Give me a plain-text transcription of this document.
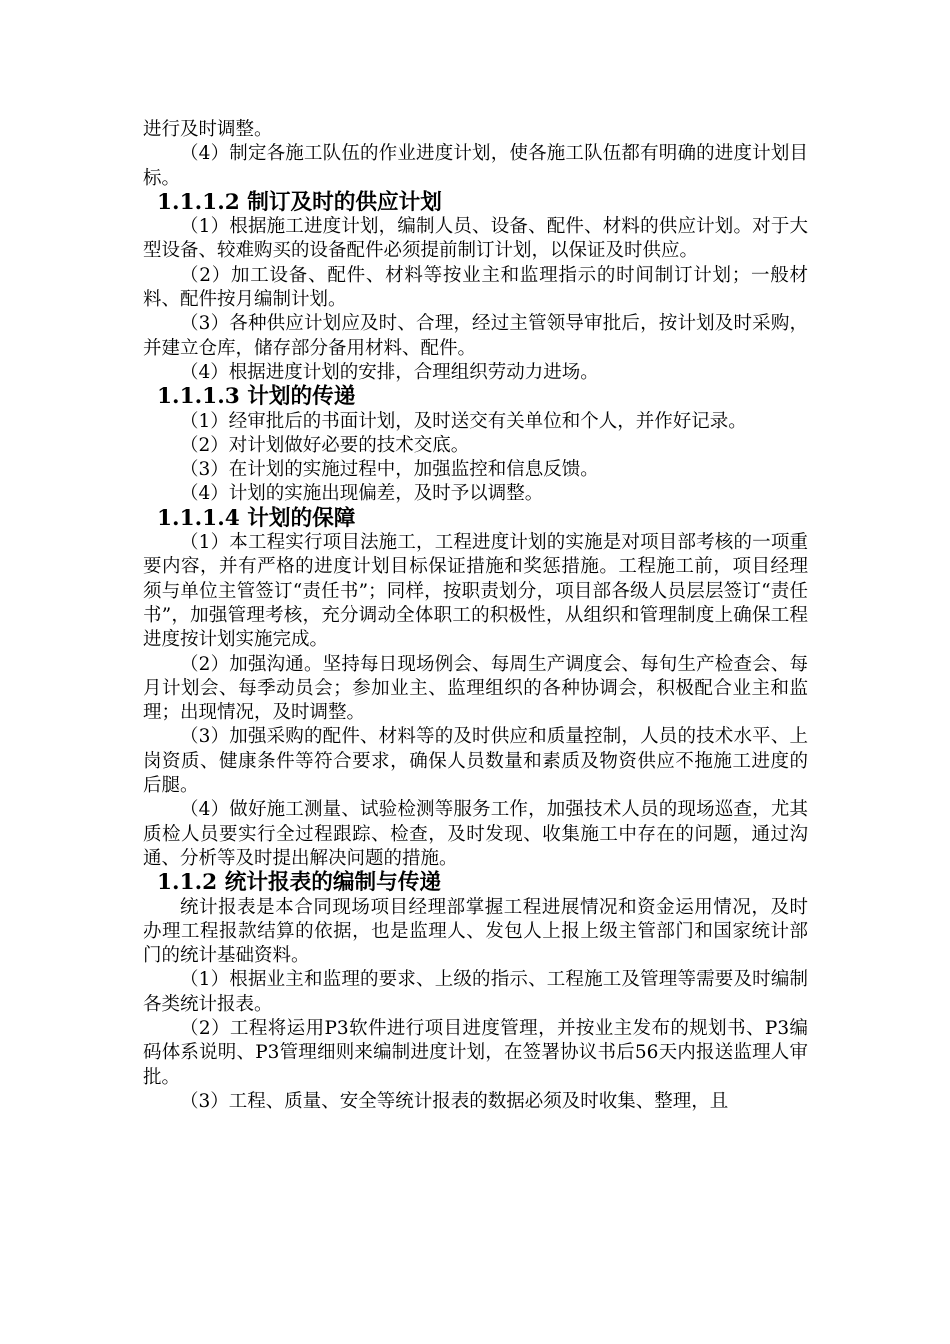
进行及时调整。

（4）制定各施工队伍的作业进度计划，使各施工队伍都有明确的进度计划目标。

1.1.1.2 制订及时的供应计划

（1）根据施工进度计划，编制人员、设备、配件、材料的供应计划。对于大型设备、较难购买的设备配件必须提前制订计划，以保证及时供应。

（2）加工设备、配件、材料等按业主和监理指示的时间制订计划；一般材料、配件按月编制计划。

（3）各种供应计划应及时、合理，经过主管领导审批后，按计划及时采购，并建立仓库，储存部分备用材料、配件。

（4）根据进度计划的安排，合理组织劳动力进场。

1.1.1.3 计划的传递

（1）经审批后的书面计划，及时送交有关单位和个人，并作好记录。

（2）对计划做好必要的技术交底。

（3）在计划的实施过程中，加强监控和信息反馈。

（4）计划的实施出现偏差，及时予以调整。

1.1.1.4 计划的保障

（1）本工程实行项目法施工，工程进度计划的实施是对项目部考核的一项重要内容，并有严格的进度计划目标保证措施和奖惩措施。工程施工前，项目经理须与单位主管签订“责任书”；同样，按职责划分，项目部各级人员层层签订“责任书”，加强管理考核，充分调动全体职工的积极性，从组织和管理制度上确保工程进度按计划实施完成。

（2）加强沟通。坚持每日现场例会、每周生产调度会、每旬生产检查会、每月计划会、每季动员会；参加业主、监理组织的各种协调会，积极配合业主和监理；出现情况，及时调整。

（3）加强采购的配件、材料等的及时供应和质量控制，人员的技术水平、上岗资质、健康条件等符合要求，确保人员数量和素质及物资供应不拖施工进度的后腿。

（4）做好施工测量、试验检测等服务工作，加强技术人员的现场巡查，尤其质检人员要实行全过程跟踪、检查，及时发现、收集施工中存在的问题，通过沟通、分析等及时提出解决问题的措施。

1.1.2 统计报表的编制与传递

统计报表是本合同现场项目经理部掌握工程进展情况和资金运用情况，及时办理工程报款结算的依据，也是监理人、发包人上报上级主管部门和国家统计部门的统计基础资料。

（1）根据业主和监理的要求、上级的指示、工程施工及管理等需要及时编制各类统计报表。

（2）工程将运用P3软件进行项目进度管理，并按业主发布的规划书、P3编码体系说明、P3管理细则来编制进度计划，在签署协议书后56天内报送监理人审批。

（3）工程、质量、安全等统计报表的数据必须及时收集、整理，且
